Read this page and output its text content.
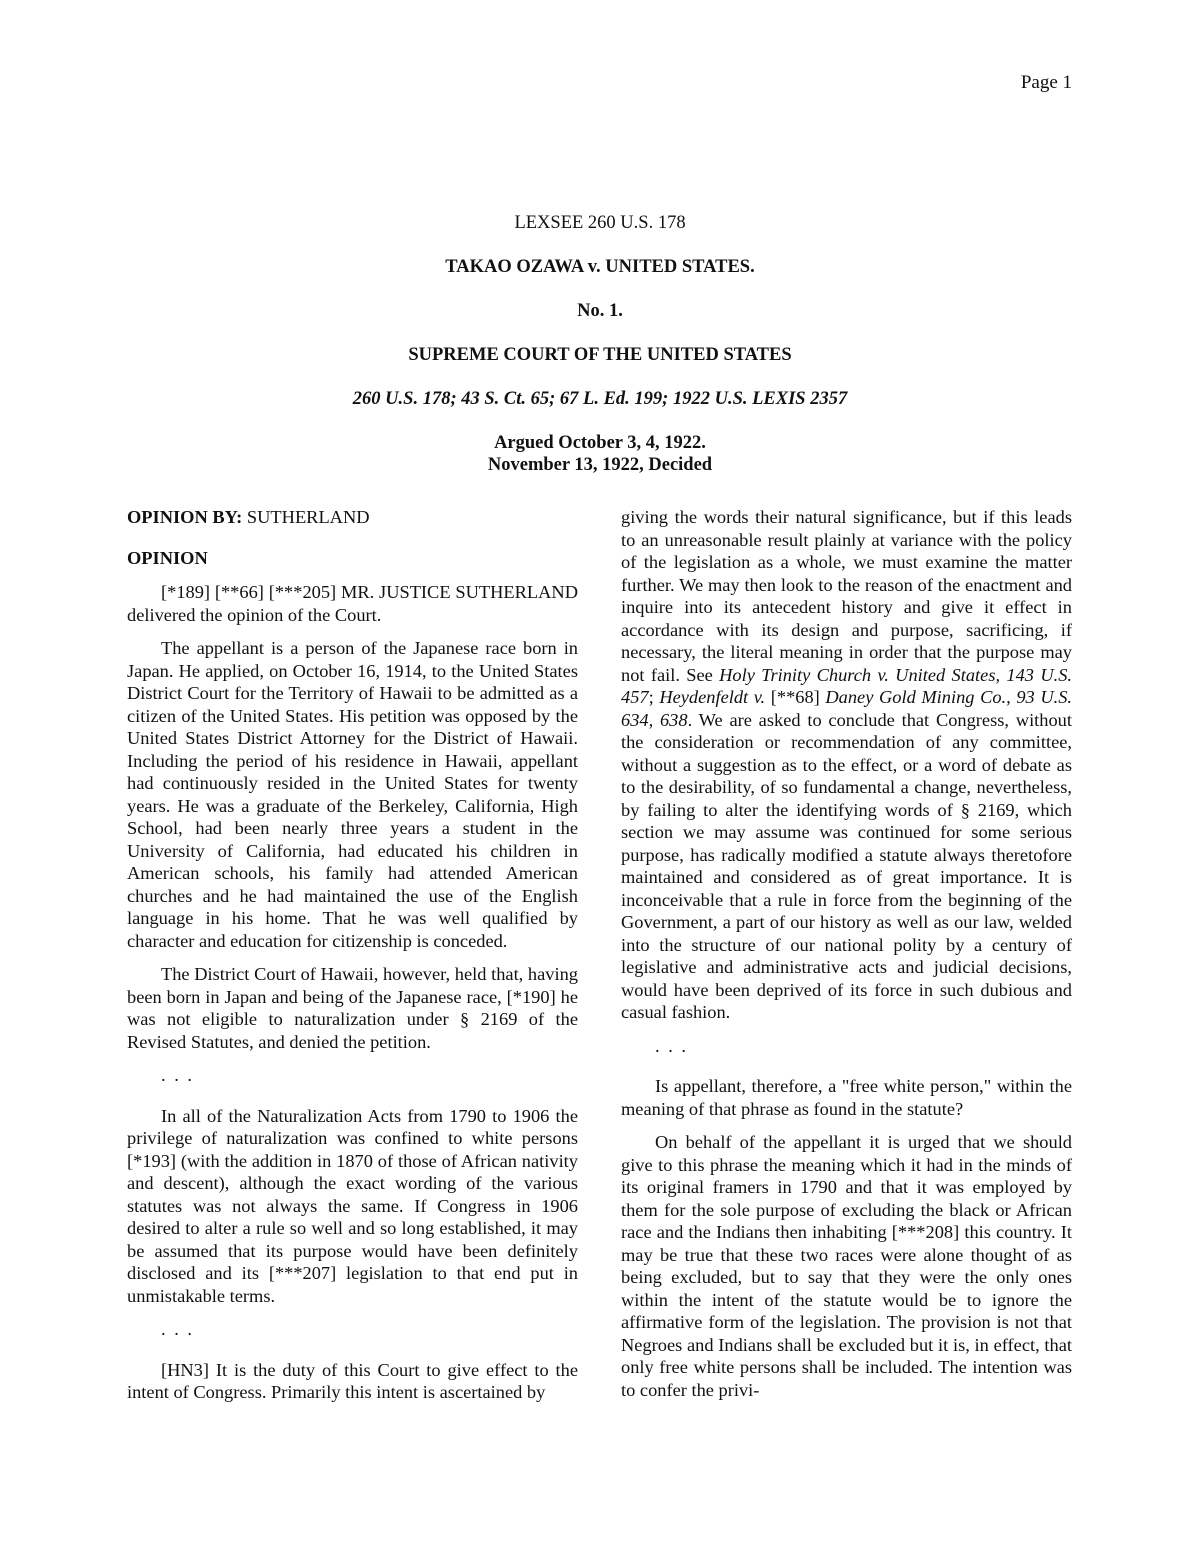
Page 1
LEXSEE 260 U.S. 178
TAKAO OZAWA v. UNITED STATES.
No. 1.
SUPREME COURT OF THE UNITED STATES
260 U.S. 178; 43 S. Ct. 65; 67 L. Ed. 199; 1922 U.S. LEXIS 2357
Argued October 3, 4, 1922.
November 13, 1922, Decided

OPINION BY: SUTHERLAND

OPINION

[*189] [**66] [***205] MR. JUSTICE SUTHERLAND delivered the opinion of the Court.

The appellant is a person of the Japanese race born in Japan. He applied, on October 16, 1914, to the United States District Court for the Territory of Hawaii to be admitted as a citizen of the United States. His petition was opposed by the United States District Attorney for the District of Hawaii. Including the period of his residence in Hawaii, appellant had continuously resided in the United States for twenty years. He was a graduate of the Berkeley, California, High School, had been nearly three years a student in the University of California, had educated his children in American schools, his family had attended American churches and he had maintained the use of the English language in his home. That he was well qualified by character and education for citizenship is conceded.

The District Court of Hawaii, however, held that, having been born in Japan and being of the Japanese race, [*190] he was not eligible to naturalization under § 2169 of the Revised Statutes, and denied the petition.

. . .

In all of the Naturalization Acts from 1790 to 1906 the privilege of naturalization was confined to white persons [*193] (with the addition in 1870 of those of African nativity and descent), although the exact wording of the various statutes was not always the same. If Congress in 1906 desired to alter a rule so well and so long established, it may be assumed that its purpose would have been definitely disclosed and its [***207] legislation to that end put in unmistakable terms.

. . .

[HN3] It is the duty of this Court to give effect to the intent of Congress. Primarily this intent is ascertained by

giving the words their natural significance, but if this leads to an unreasonable result plainly at variance with the policy of the legislation as a whole, we must examine the matter further. We may then look to the reason of the enactment and inquire into its antecedent history and give it effect in accordance with its design and purpose, sacrificing, if necessary, the literal meaning in order that the purpose may not fail. See Holy Trinity Church v. United States, 143 U.S. 457; Heydenfeldt v. [**68] Daney Gold Mining Co., 93 U.S. 634, 638. We are asked to conclude that Congress, without the consideration or recommendation of any committee, without a suggestion as to the effect, or a word of debate as to the desirability, of so fundamental a change, nevertheless, by failing to alter the identifying words of § 2169, which section we may assume was continued for some serious purpose, has radically modified a statute always theretofore maintained and considered as of great importance. It is inconceivable that a rule in force from the beginning of the Government, a part of our history as well as our law, welded into the structure of our national polity by a century of legislative and administrative acts and judicial decisions, would have been deprived of its force in such dubious and casual fashion.

. . .

Is appellant, therefore, a "free white person," within the meaning of that phrase as found in the statute?

On behalf of the appellant it is urged that we should give to this phrase the meaning which it had in the minds of its original framers in 1790 and that it was employed by them for the sole purpose of excluding the black or African race and the Indians then inhabiting [***208] this country. It may be true that these two races were alone thought of as being excluded, but to say that they were the only ones within the intent of the statute would be to ignore the affirmative form of the legislation. The provision is not that Negroes and Indians shall be excluded but it is, in effect, that only free white persons shall be included. The intention was to confer the privi-
